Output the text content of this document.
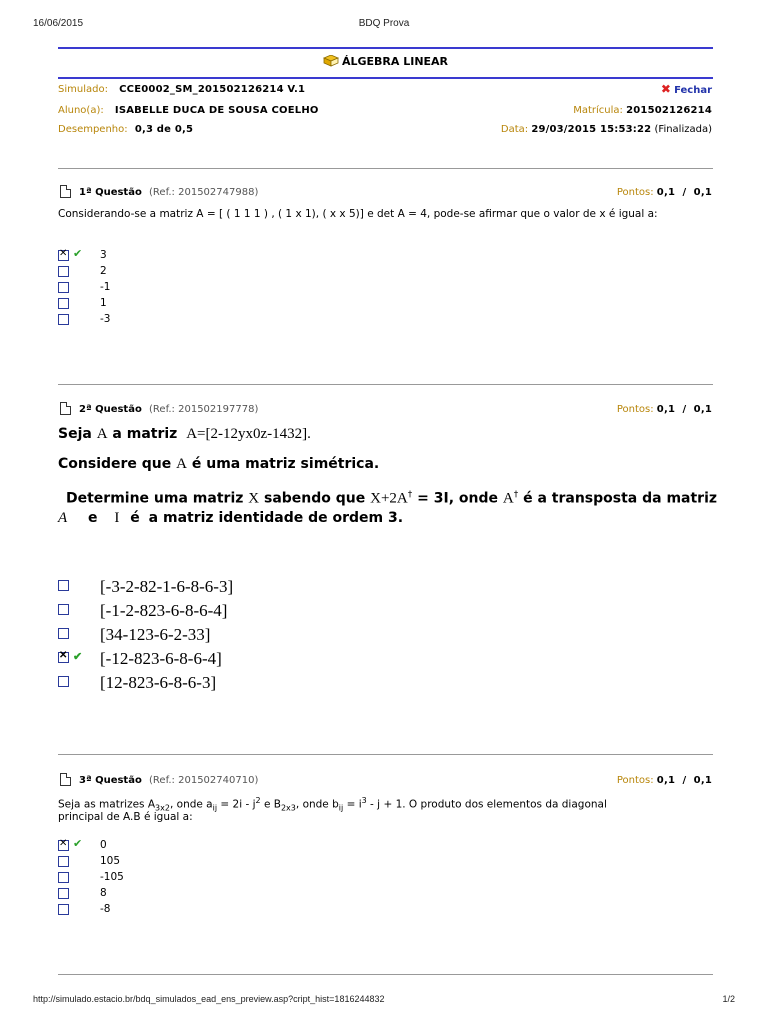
16/06/2015	BDQ Prova
ÁLGEBRA LINEAR
Simulado: CCE0002_SM_201502126214 V.1	✖ Fechar
Aluno(a): ISABELLE DUCA DE SOUSA COELHO	Matrícula: 201502126214
Desempenho: 0,3 de 0,5	Data: 29/03/2015 15:53:22 (Finalizada)
1ª Questão (Ref.: 201502747988)	Pontos: 0,1  /  0,1
Considerando-se a matriz A = [ ( 1 1 1 ) , ( 1 x 1), ( x x 5)] e det A = 4, pode-se afirmar que o valor de x é igual a:
✕
✔ 3
2
-1
1
-3
2ª Questão (Ref.: 201502197778)	Pontos: 0,1  /  0,1
Seja A a matriz A=[2-12yx0z-1432].
Considere que A é uma matriz simétrica.
Determine uma matriz X sabendo que X+2A† = 3I, onde A† é a transposta da matriz
A e I é a matriz identidade de ordem 3.
[-3-2-82-1-6-8-6-3]
[-1-2-823-6-8-6-4]
[34-123-6-2-33]
✕
✔ [-12-823-6-8-6-4]
[12-823-6-8-6-3]
3ª Questão (Ref.: 201502740710)	Pontos: 0,1  /  0,1
Seja as matrizes $A_{3x2}$, onde $a_{ij} = 2i - j^2$ e $B_{2x3}$, onde $b_{ij} = i^3 - j + 1$. O produto dos elementos da diagonal
principal de A.B é igual a:
✕
✔ 0
105
-105
8
-8
http://simulado.estacio.br/bdq_simulados_ead_ens_preview.asp?cript_hist=1816244832	1/2
